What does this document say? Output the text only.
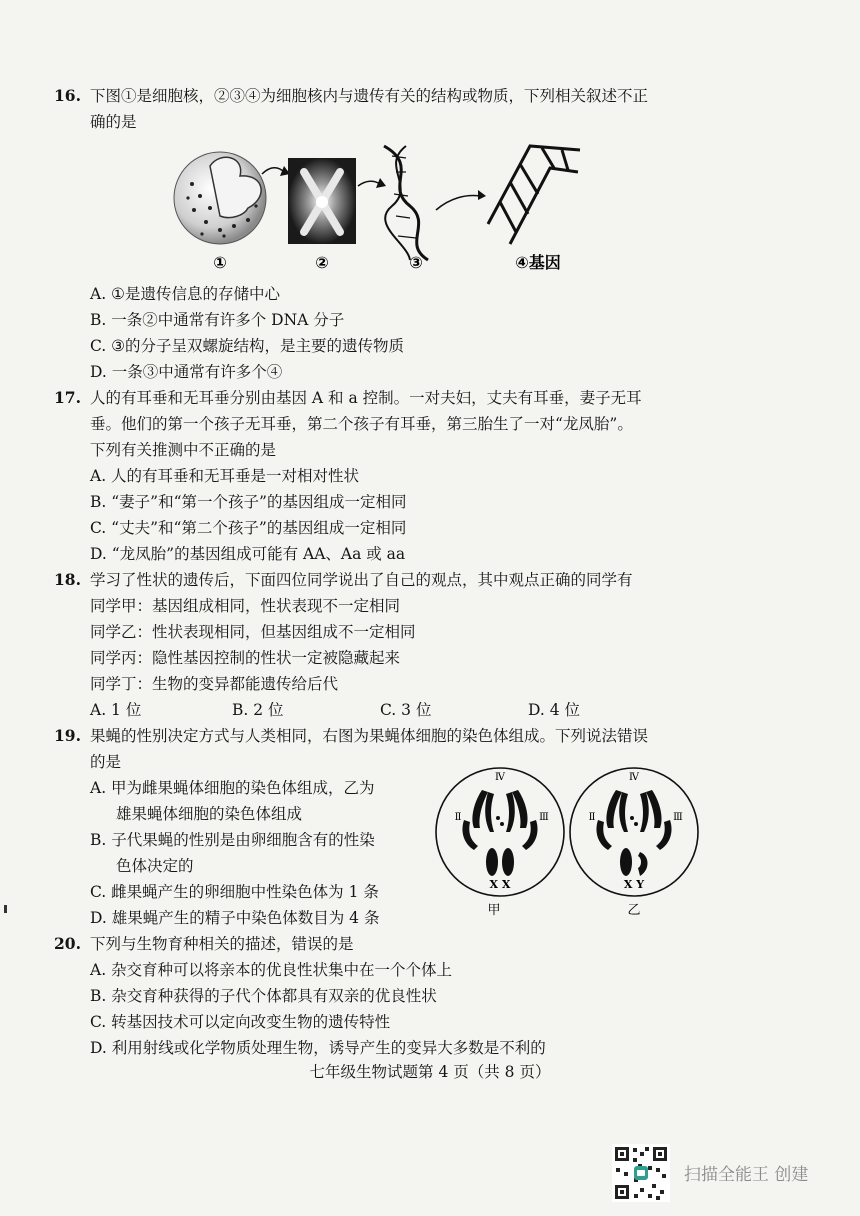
16. 下图①是细胞核，②③④为细胞核内与遗传有关的结构或物质，下列相关叙述不正
确的是
①	②	③	④基因
A. ①是遗传信息的存储中心
B. 一条②中通常有许多个 DNA 分子
C. ③的分子呈双螺旋结构，是主要的遗传物质
D. 一条③中通常有许多个④
17. 人的有耳垂和无耳垂分别由基因 A 和 a 控制。一对夫妇，丈夫有耳垂，妻子无耳
垂。他们的第一个孩子无耳垂，第二个孩子有耳垂，第三胎生了一对“龙凤胎”。
下列有关推测中不正确的是
A. 人的有耳垂和无耳垂是一对相对性状
B. “妻子”和“第一个孩子”的基因组成一定相同
C. “丈夫”和“第二个孩子”的基因组成一定相同
D. “龙凤胎”的基因组成可能有 AA、Aa 或 aa
18. 学习了性状的遗传后，下面四位同学说出了自己的观点，其中观点正确的同学有
同学甲：基因组成相同，性状表现不一定相同
同学乙：性状表现相同，但基因组成不一定相同
同学丙：隐性基因控制的性状一定被隐藏起来
同学丁：生物的变异都能遗传给后代
A. 1 位	B. 2 位	C. 3 位	D. 4 位
19. 果蝇的性别决定方式与人类相同，右图为果蝇体细胞的染色体组成。下列说法错误
的是
A. 甲为雌果蝇体细胞的染色体组成，乙为
雄果蝇体细胞的染色体组成
B. 子代果蝇的性别是由卵细胞含有的性染
色体决定的
C. 雌果蝇产生的卵细胞中性染色体为 1 条
D. 雄果蝇产生的精子中染色体数目为 4 条
Ⅳ
Ⅱ	Ⅲ
X X
甲
Ⅳ
Ⅱ	Ⅲ
X Y
乙
20. 下列与生物育种相关的描述，错误的是
A. 杂交育种可以将亲本的优良性状集中在一个个体上
B. 杂交育种获得的子代个体都具有双亲的优良性状
C. 转基因技术可以定向改变生物的遗传特性
D. 利用射线或化学物质处理生物，诱导产生的变异大多数是不利的
七年级生物试题第 4 页（共 8 页）
扫描全能王 创建
